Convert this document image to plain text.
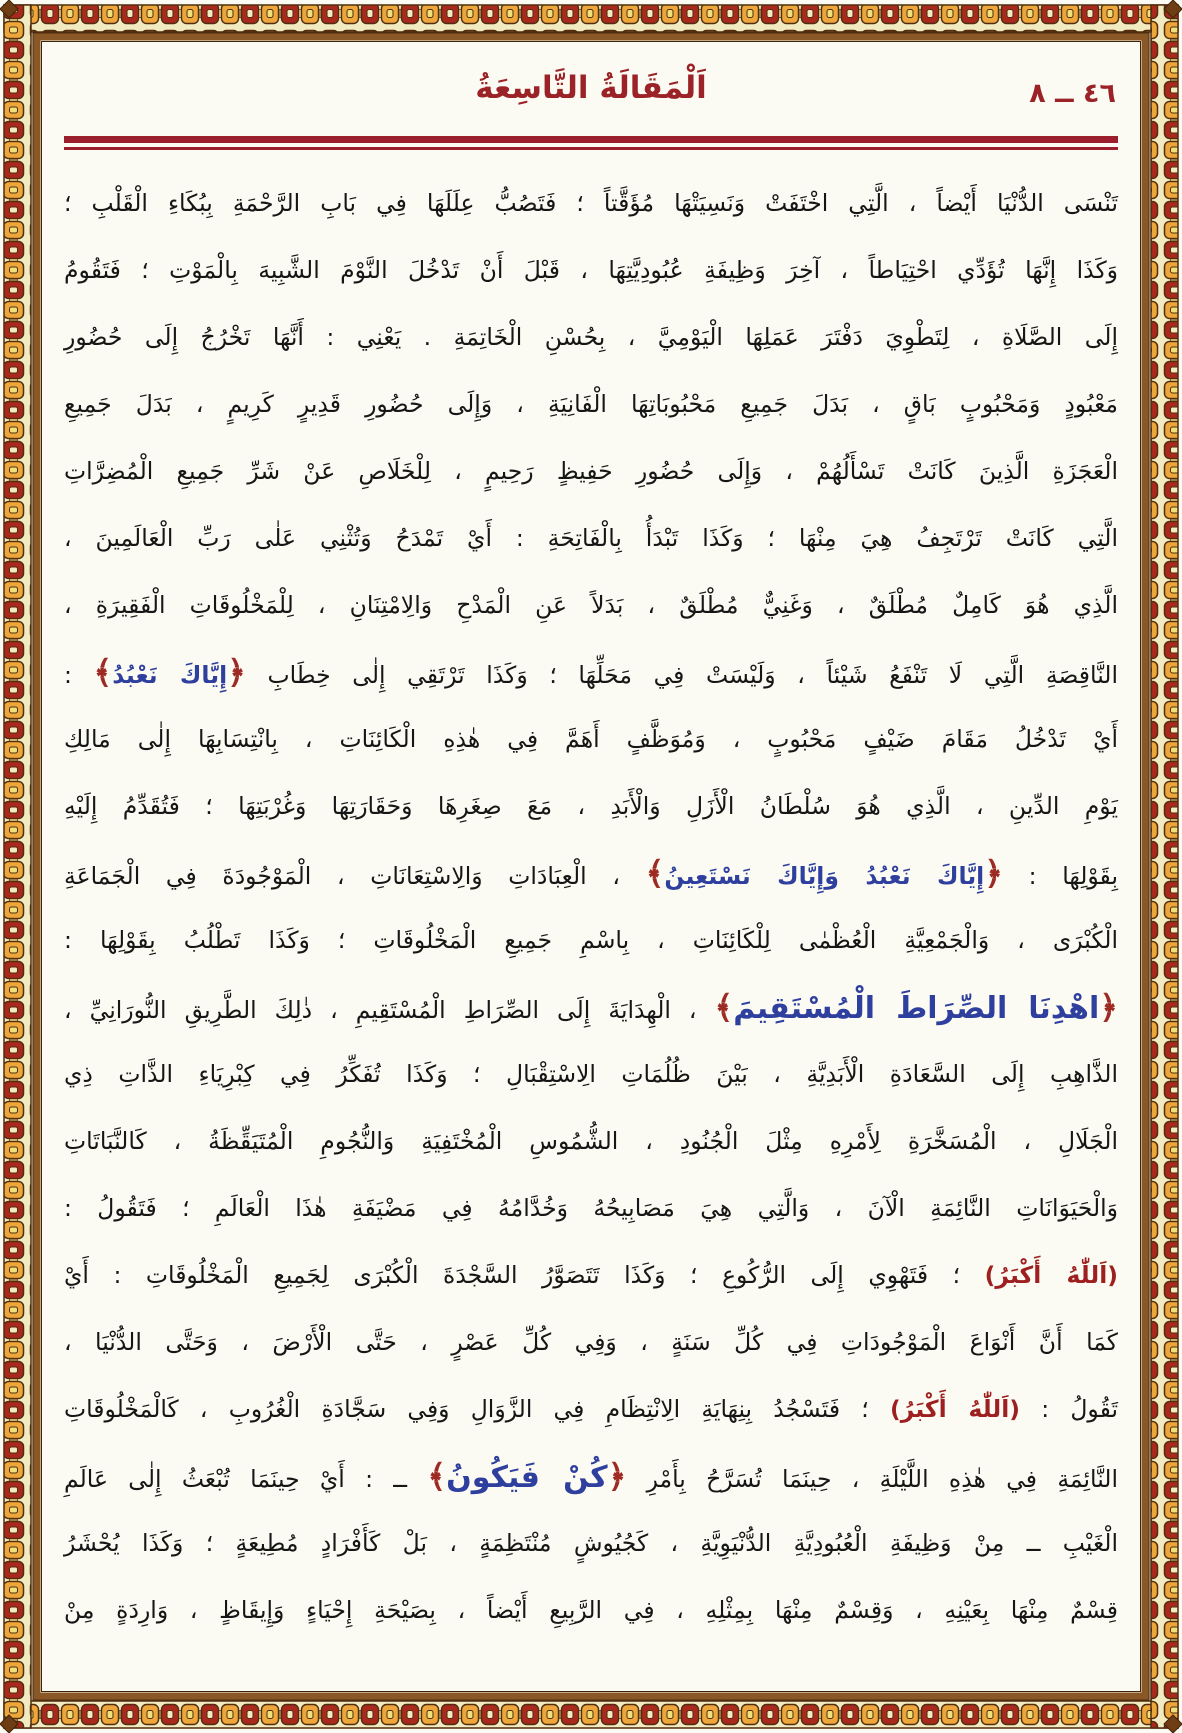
اَلْمَقَالَةُ التَّاسِعَةُ	٤٦ ــ ٨
تَنْسَى الدُّنْيَا أَيْضاً ، الَّتِي اخْتَفَتْ وَنَسِيَتْهَا مُؤَقَّتاً ؛ فَتَصُبُّ عِلَلَهَا فِي بَابِ الرَّحْمَةِ بِبُكَاءِ الْقَلْبِ ؛
وَكَذَا إِنَّهَا تُؤَدِّي احْتِيَاطاً ، آخِرَ وَظِيفَةِ عُبُودِيَّتِهَا ، قَبْلَ أَنْ تَدْخُلَ النَّوْمَ الشَّبِيهَ بِالْمَوْتِ ؛ فَتَقُومُ
إِلَى الصَّلَاةِ ، لِتَطْوِيَ دَفْتَرَ عَمَلِهَا الْيَوْمِيَّ ، بِحُسْنِ الْخَاتِمَةِ . يَعْنِي : أَنَّهَا تَخْرُجُ إِلَى حُضُورِ
مَعْبُودٍ وَمَحْبُوبٍ بَاقٍ ، بَدَلَ جَمِيعِ مَحْبُوبَاتِهَا الْفَانِيَةِ ، وَإِلَى حُضُورِ قَدِيرٍ كَرِيمٍ ، بَدَلَ جَمِيعِ
الْعَجَزَةِ الَّذِينَ كَانَتْ تَسْأَلُهُمْ ، وَإِلَى حُضُورِ حَفِيظٍ رَحِيمٍ ، لِلْخَلَاصِ عَنْ شَرِّ جَمِيعِ الْمُضِرَّاتِ
الَّتِي كَانَتْ تَرْتَجِفُ هِيَ مِنْهَا ؛ وَكَذَا تَبْدَأُ بِالْفَاتِحَةِ : أَيْ تَمْدَحُ وَتُثْنِي عَلٰى رَبِّ الْعَالَمِينَ ،
الَّذِي هُوَ كَامِلٌ مُطْلَقٌ ، وَغَنِيٌّ مُطْلَقٌ ، بَدَلاً عَنِ الْمَدْحِ وَالِامْتِنَانِ ، لِلْمَخْلُوقَاتِ الْفَقِيرَةِ ،
النَّاقِصَةِ الَّتِي لَا تَنْفَعُ شَيْئاً ، وَلَيْسَتْ فِي مَحَلِّهَا ؛ وَكَذَا تَرْتَقِي إِلٰى خِطَابِ ﴿إِيَّاكَ نَعْبُدُ﴾ :
أَيْ تَدْخُلُ مَقَامَ ضَيْفٍ مَحْبُوبٍ ، وَمُوَظَّفٍ أَهَمَّ فِي هٰذِهِ الْكَائِنَاتِ ، بِانْتِسَابِهَا إِلٰى مَالِكِ
يَوْمِ الدِّينِ ، الَّذِي هُوَ سُلْطَانُ الْأَزَلِ وَالْأَبَدِ ، مَعَ صِغَرِهَا وَحَقَارَتِهَا وَغُرْبَتِهَا ؛ فَتُقَدِّمُ إِلَيْهِ
بِقَوْلِهَا : ﴿إِيَّاكَ نَعْبُدُ وَإِيَّاكَ نَسْتَعِينُ﴾ ، الْعِبَادَاتِ وَالِاسْتِعَانَاتِ ، الْمَوْجُودَةَ فِي الْجَمَاعَةِ
الْكُبْرَى ، وَالْجَمْعِيَّةِ الْعُظْمٰى لِلْكَائِنَاتِ ، بِاسْمِ جَمِيعِ الْمَخْلُوقَاتِ ؛ وَكَذَا تَطْلُبُ بِقَوْلِهَا :
﴿اهْدِنَا الصِّرَاطَ الْمُسْتَقِيمَ﴾ ، الْهِدَايَةَ إِلَى الصِّرَاطِ الْمُسْتَقِيمِ ، ذٰلِكَ الطَّرِيقِ النُّورَانِيِّ ،
الذَّاهِبِ إِلَى السَّعَادَةِ الْأَبَدِيَّةِ ، بَيْنَ ظُلُمَاتِ الِاسْتِقْبَالِ ؛ وَكَذَا تُفَكِّرُ فِي كِبْرِيَاءِ الذَّاتِ ذِي
الْجَلَالِ ، الْمُسَخَّرَةِ لِأَمْرِهِ مِثْلَ الْجُنُودِ ، الشُّمُوسِ الْمُخْتَفِيَةِ وَالنُّجُومِ الْمُتَيَقِّظَةُ ، كَالنَّبَاتَاتِ
وَالْحَيَوَانَاتِ النَّائِمَةِ الْآنَ ، وَالَّتِي هِيَ مَصَابِيحُهُ وَخُدَّامُهُ فِي مَضْيَفَةِ هٰذَا الْعَالَمِ ؛ فَتَقُولُ :
(اَللّٰهُ أَكْبَرُ) ؛ فَتَهْوِي إِلَى الرُّكُوعِ ؛ وَكَذَا تَتَصَوَّرُ السَّجْدَةَ الْكُبْرَى لِجَمِيعِ الْمَخْلُوقَاتِ : أَيْ
كَمَا أَنَّ أَنْوَاعَ الْمَوْجُودَاتِ فِي كُلِّ سَنَةٍ ، وَفِي كُلِّ عَصْرٍ ، حَتَّى الْأَرْضَ ، وَحَتَّى الدُّنْيَا ،
تَقُولُ : (اَللّٰهُ أَكْبَرُ) ؛ فَتَسْجُدُ بِنِهَايَةِ الِانْتِظَامِ فِي الزَّوَالِ وَفِي سَجَّادَةِ الْغُرُوبِ ، كَالْمَخْلُوقَاتِ
النَّائِمَةِ فِي هٰذِهِ اللَّيْلَةِ ، حِينَمَا تُسَرَّحُ بِأَمْرِ ﴿كُنْ فَيَكُونُ﴾ ــ : أَيْ حِينَمَا تُبْعَثُ إِلٰى عَالَمِ
الْغَيْبِ ــ مِنْ وَظِيفَةِ الْعُبُودِيَّةِ الدُّنْيَوِيَّةِ ، كَجُيُوشٍ مُنْتَظِمَةٍ ، بَلْ كَأَفْرَادٍ مُطِيعَةٍ ؛ وَكَذَا يُحْشَرُ
قِسْمٌ مِنْهَا بِعَيْنِهِ ، وَقِسْمٌ مِنْهَا بِمِثْلِهِ ، فِي الرَّبِيعِ أَيْضاً ، بِصَيْحَةِ إِحْيَاءٍ وَإِيقَاظٍ ، وَارِدَةٍ مِنْ
